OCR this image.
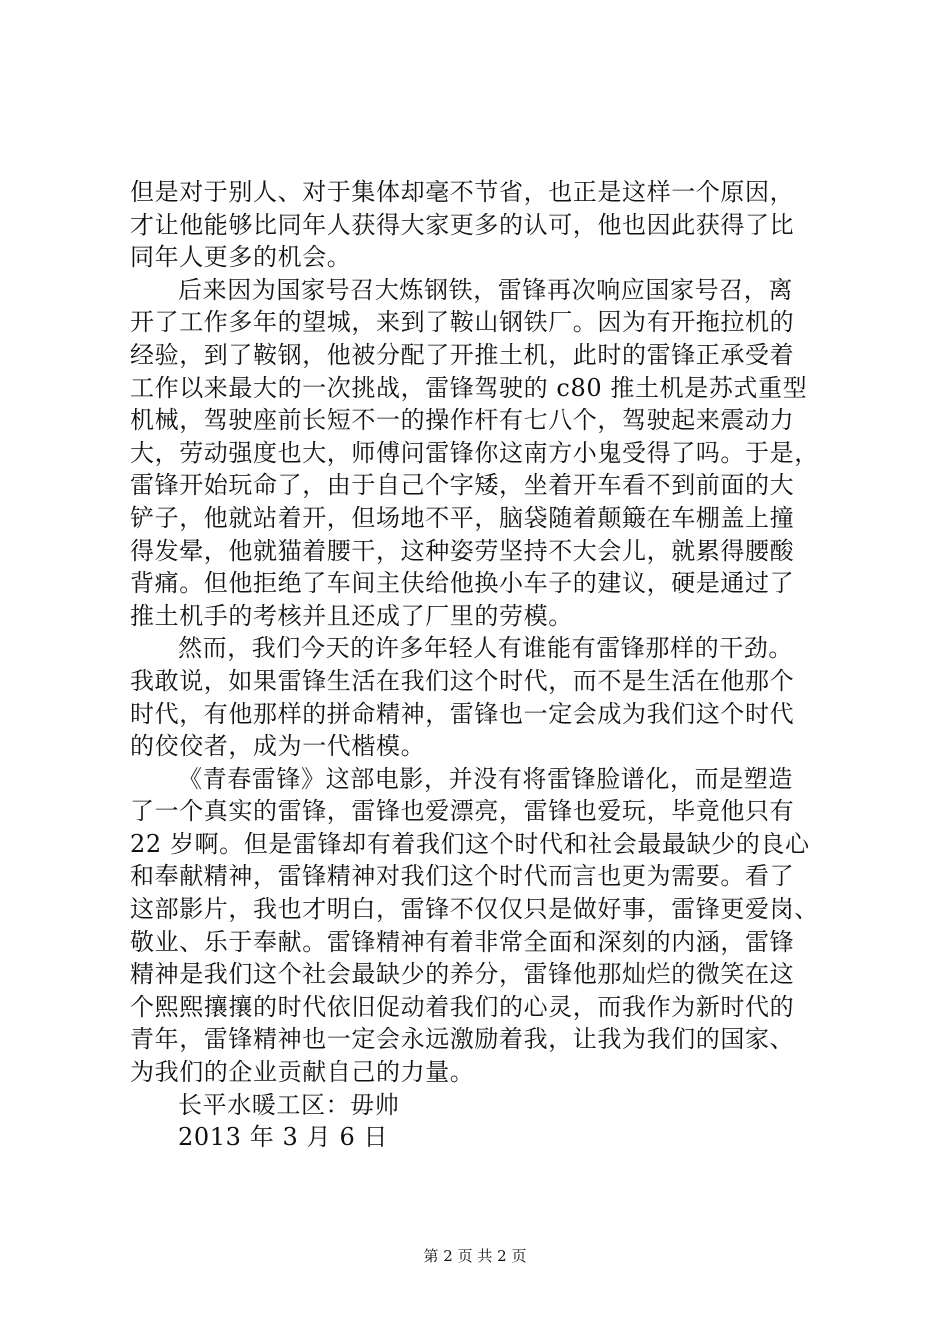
但是对于别人、对于集体却毫不节省，也正是这样一个原因，
才让他能够比同年人获得大家更多的认可，他也因此获得了比
同年人更多的机会。
后来因为国家号召大炼钢铁，雷锋再次响应国家号召，离
开了工作多年的望城，来到了鞍山钢铁厂。因为有开拖拉机的
经验，到了鞍钢，他被分配了开推土机，此时的雷锋正承受着
工作以来最大的一次挑战，雷锋驾驶的 c80 推土机是苏式重型
机械，驾驶座前长短不一的操作杆有七八个，驾驶起来震动力
大，劳动强度也大，师傅问雷锋你这南方小鬼受得了吗。于是，
雷锋开始玩命了，由于自己个字矮，坐着开车看不到前面的大
铲子，他就站着开，但场地不平，脑袋随着颠簸在车棚盖上撞
得发晕，他就猫着腰干，这种姿劳坚持不大会儿，就累得腰酸
背痛。但他拒绝了车间主伕给他换小车子的建议，硬是通过了
推土机手的考核并且还成了厂里的劳模。
然而，我们今天的许多年轻人有谁能有雷锋那样的干劲。
我敢说，如果雷锋生活在我们这个时代，而不是生活在他那个
时代，有他那样的拼命精神，雷锋也一定会成为我们这个时代
的佼佼者，成为一代楷模。
《青春雷锋》这部电影，并没有将雷锋脸谱化，而是塑造
了一个真实的雷锋，雷锋也爱漂亮，雷锋也爱玩，毕竟他只有
22 岁啊。但是雷锋却有着我们这个时代和社会最最缺少的良心
和奉献精神，雷锋精神对我们这个时代而言也更为需要。看了
这部影片，我也才明白，雷锋不仅仅只是做好事，雷锋更爱岗、
敬业、乐于奉献。雷锋精神有着非常全面和深刻的内涵，雷锋
精神是我们这个社会最缺少的养分，雷锋他那灿烂的微笑在这
个熙熙攘攘的时代依旧促动着我们的心灵，而我作为新时代的
青年，雷锋精神也一定会永远激励着我，让我为我们的国家、
为我们的企业贡献自己的力量。
长平水暖工区：毋帅
2013 年 3 月 6 日
第 2 页 共 2 页
